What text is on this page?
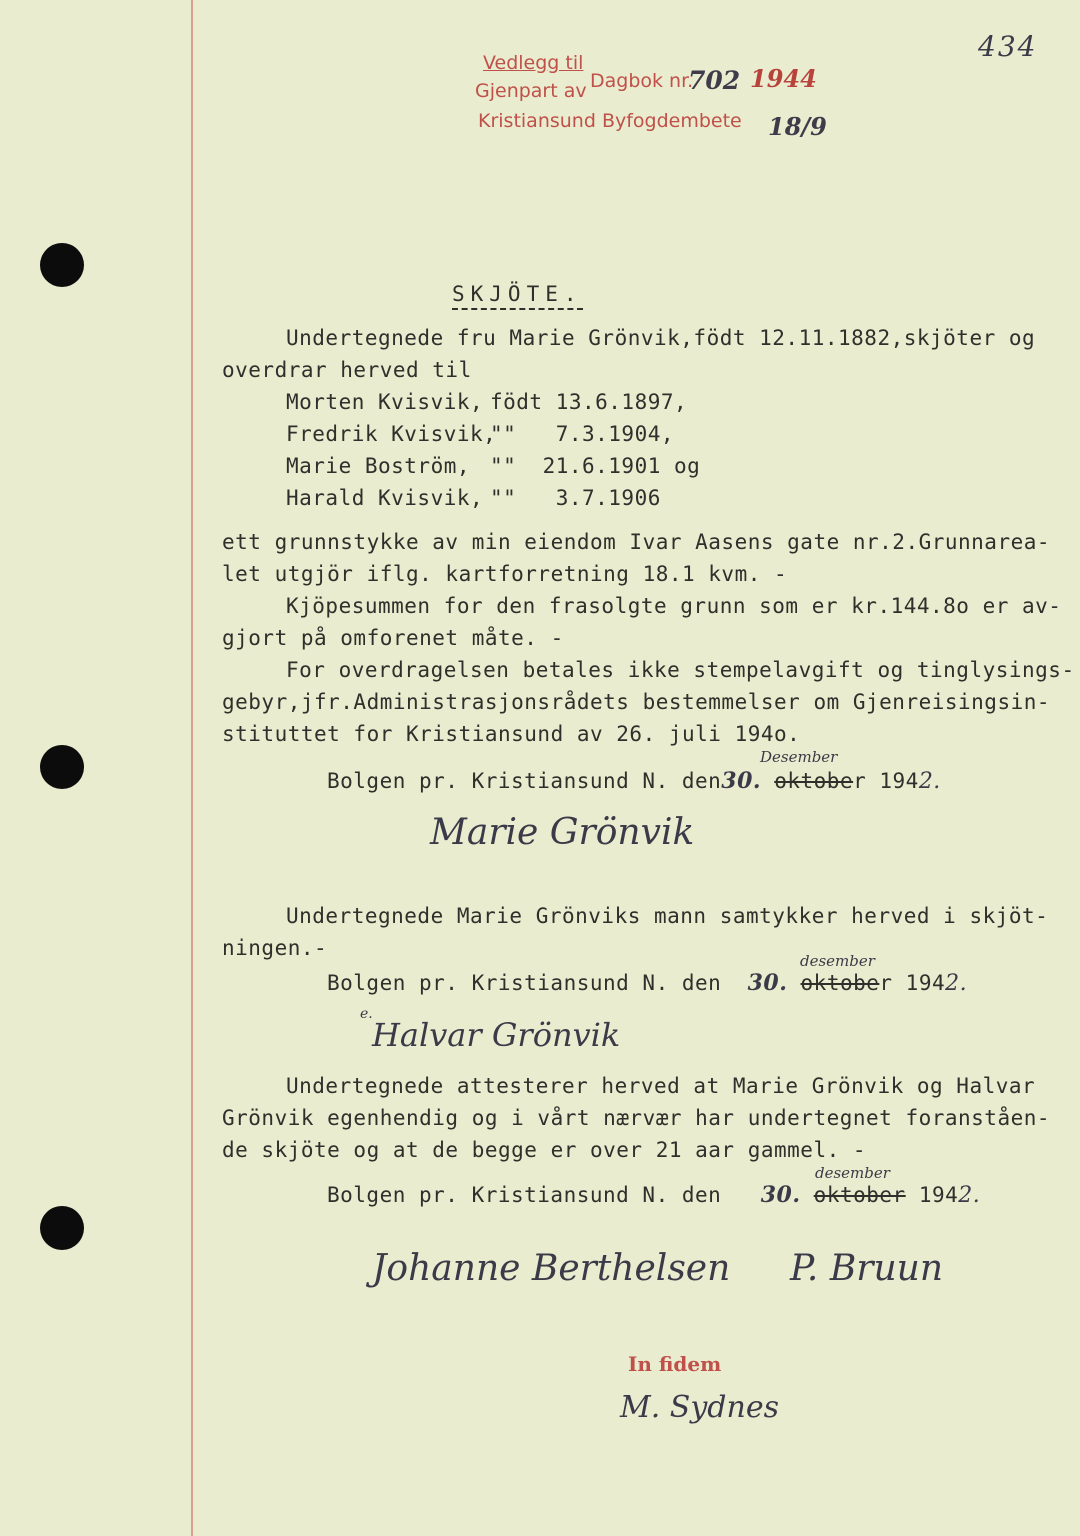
434
Vedlegg til
Gjenpart av Dagbok nr.
702 1944
Kristiansund Byfogdembete 18/9
SKJÖTE.
Undertegnede fru Marie Grönvik,födt 12.11.1882,skjöter og
overdrar herved til
Morten Kvisvik, födt 13.6.1897,
Fredrik Kvisvik,
""   7.3.1904,
Marie Boström, ""  21.6.1901 og
Harald Kvisvik, ""   3.7.1906
ett grunnstykke av min eiendom Ivar Aasens gate nr.2.Grunnarea-
let utgjör iflg. kartforretning 18.1 kvm. -
Kjöpesummen for den frasolgte grunn som er kr.144.8o er av-
gjort på omforenet måte. -
For overdragelsen betales ikke stempelavgift og tinglysings-
gebyr,jfr.Administrasjonsrådets bestemmelser om Gjenreisingsin-
stituttet for Kristiansund av 26. juli 194o.
Bolgen pr. Kristiansund N. den30. oktober 1942.
Desember
Marie Grönvik
Undertegnede Marie Grönviks mann samtykker herved i skjöt-
ningen.-
Bolgen pr. Kristiansund N. den 30. oktober 1942.
desember
e.
Halvar Grönvik
Undertegnede attesterer herved at Marie Grönvik og Halvar
Grönvik egenhendig og i vårt nærvær har undertegnet foranståen-
de skjöte og at de begge er over 21 aar gammel. -
Bolgen pr. Kristiansund N. den 30. oktober 1942.
desember
Johanne Berthelsen P. Bruun
In fidem
M. Sydnes
